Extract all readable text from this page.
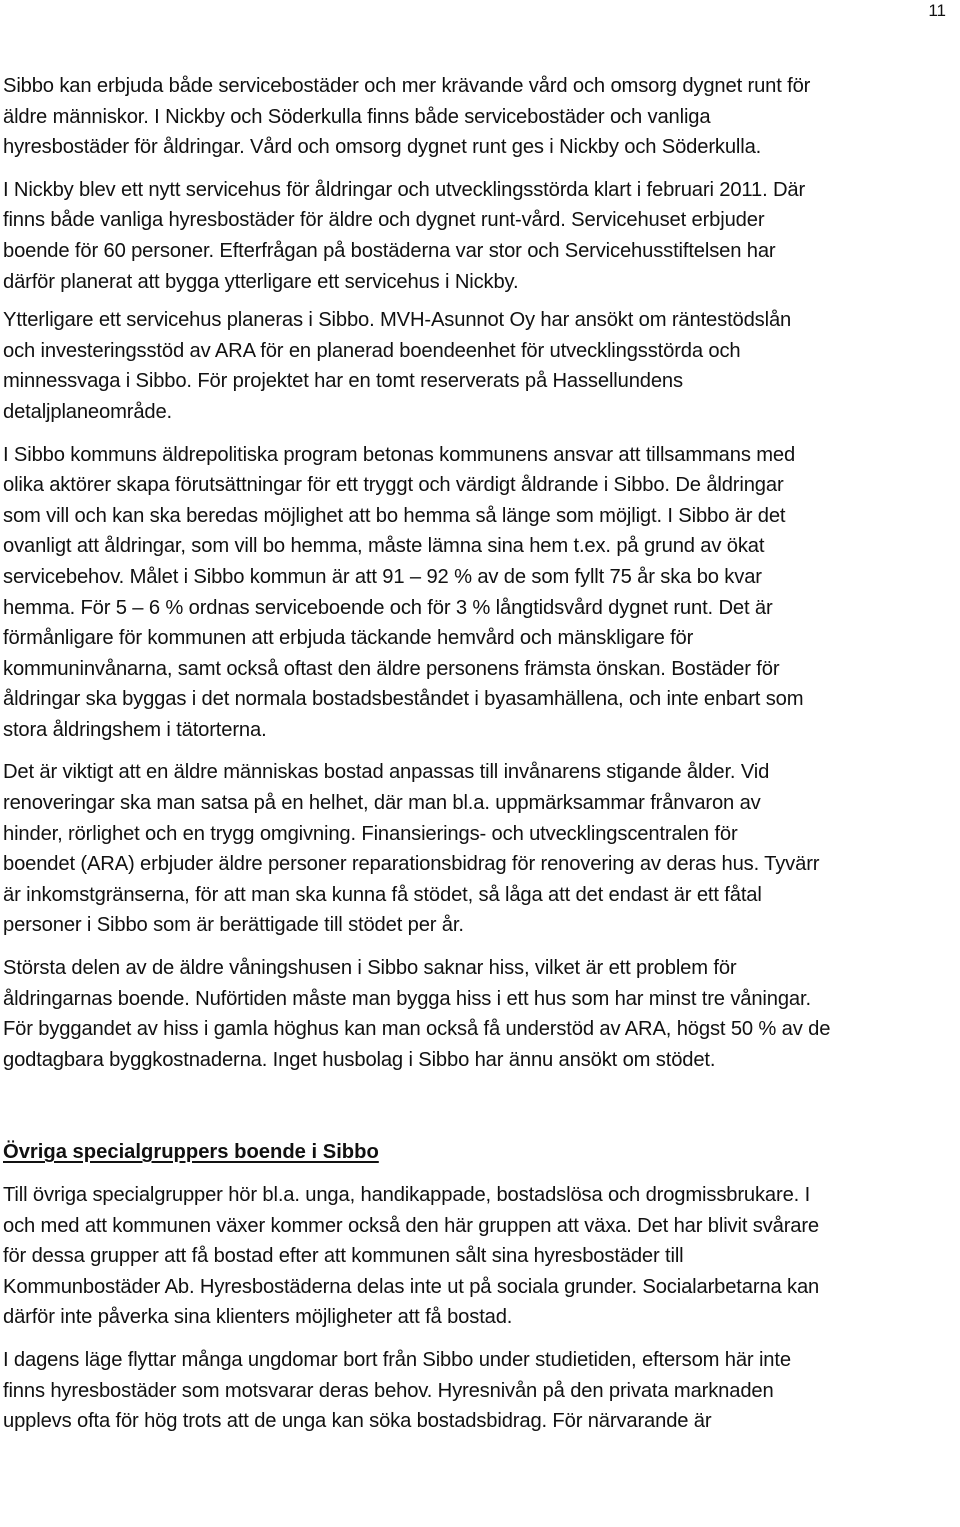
11

Sibbo kan erbjuda både servicebostäder och mer krävande vård och omsorg dygnet runt för
äldre människor. I Nickby och Söderkulla finns både servicebostäder och vanliga
hyresbostäder för åldringar. Vård och omsorg dygnet runt ges i Nickby och Söderkulla.

I Nickby blev ett nytt servicehus för åldringar och utvecklingsstörda klart i februari 2011. Där
finns både vanliga hyresbostäder för äldre och dygnet runt-vård. Servicehuset erbjuder
boende för 60 personer. Efterfrågan på bostäderna var stor och Servicehusstiftelsen har
därför planerat att bygga ytterligare ett servicehus i Nickby.

Ytterligare ett servicehus planeras i Sibbo. MVH-Asunnot Oy har ansökt om räntestödslån
och investeringsstöd av ARA för en planerad boendeenhet för utvecklingsstörda och
minnessvaga i Sibbo. För projektet har en tomt reserverats på Hassellundens
detaljplaneområde.

I Sibbo kommuns äldrepolitiska program betonas kommunens ansvar att tillsammans med
olika aktörer skapa förutsättningar för ett tryggt och värdigt åldrande i Sibbo. De åldringar
som vill och kan ska beredas möjlighet att bo hemma så länge som möjligt. I Sibbo är det
ovanligt att åldringar, som vill bo hemma, måste lämna sina hem t.ex. på grund av ökat
servicebehov. Målet i Sibbo kommun är att 91 – 92 % av de som fyllt 75 år ska bo kvar
hemma. För 5 – 6 % ordnas serviceboende och för 3 % långtidsvård dygnet runt. Det är
förmånligare för kommunen att erbjuda täckande hemvård och mänskligare för
kommuninvånarna, samt också oftast den äldre personens främsta önskan. Bostäder för
åldringar ska byggas i det normala bostadsbeståndet i byasamhällena, och inte enbart som
stora åldringshem i tätorterna.

Det är viktigt att en äldre människas bostad anpassas till invånarens stigande ålder. Vid
renoveringar ska man satsa på en helhet, där man bl.a. uppmärksammar frånvaron av
hinder, rörlighet och en trygg omgivning. Finansierings- och utvecklingscentralen för
boendet (ARA) erbjuder äldre personer reparationsbidrag för renovering av deras hus. Tyvärr
är inkomstgränserna, för att man ska kunna få stödet, så låga att det endast är ett fåtal
personer i Sibbo som är berättigade till stödet per år.

Största delen av de äldre våningshusen i Sibbo saknar hiss, vilket är ett problem för
åldringarnas boende. Nuförtiden måste man bygga hiss i ett hus som har minst tre våningar.
För byggandet av hiss i gamla höghus kan man också få understöd av ARA, högst 50 % av de
godtagbara byggkostnaderna. Inget husbolag i Sibbo har ännu ansökt om stödet.

Övriga specialgruppers boende i Sibbo

Till övriga specialgrupper hör bl.a. unga, handikappade, bostadslösa och drogmissbrukare. I
och med att kommunen växer kommer också den här gruppen att växa. Det har blivit svårare
för dessa grupper att få bostad efter att kommunen sålt sina hyresbostäder till
Kommunbostäder Ab. Hyresbostäderna delas inte ut på sociala grunder. Socialarbetarna kan
därför inte påverka sina klienters möjligheter att få bostad.

I dagens läge flyttar många ungdomar bort från Sibbo under studietiden, eftersom här inte
finns hyresbostäder som motsvarar deras behov. Hyresnivån på den privata marknaden
upplevs ofta för hög trots att de unga kan söka bostadsbidrag. För närvarande är
